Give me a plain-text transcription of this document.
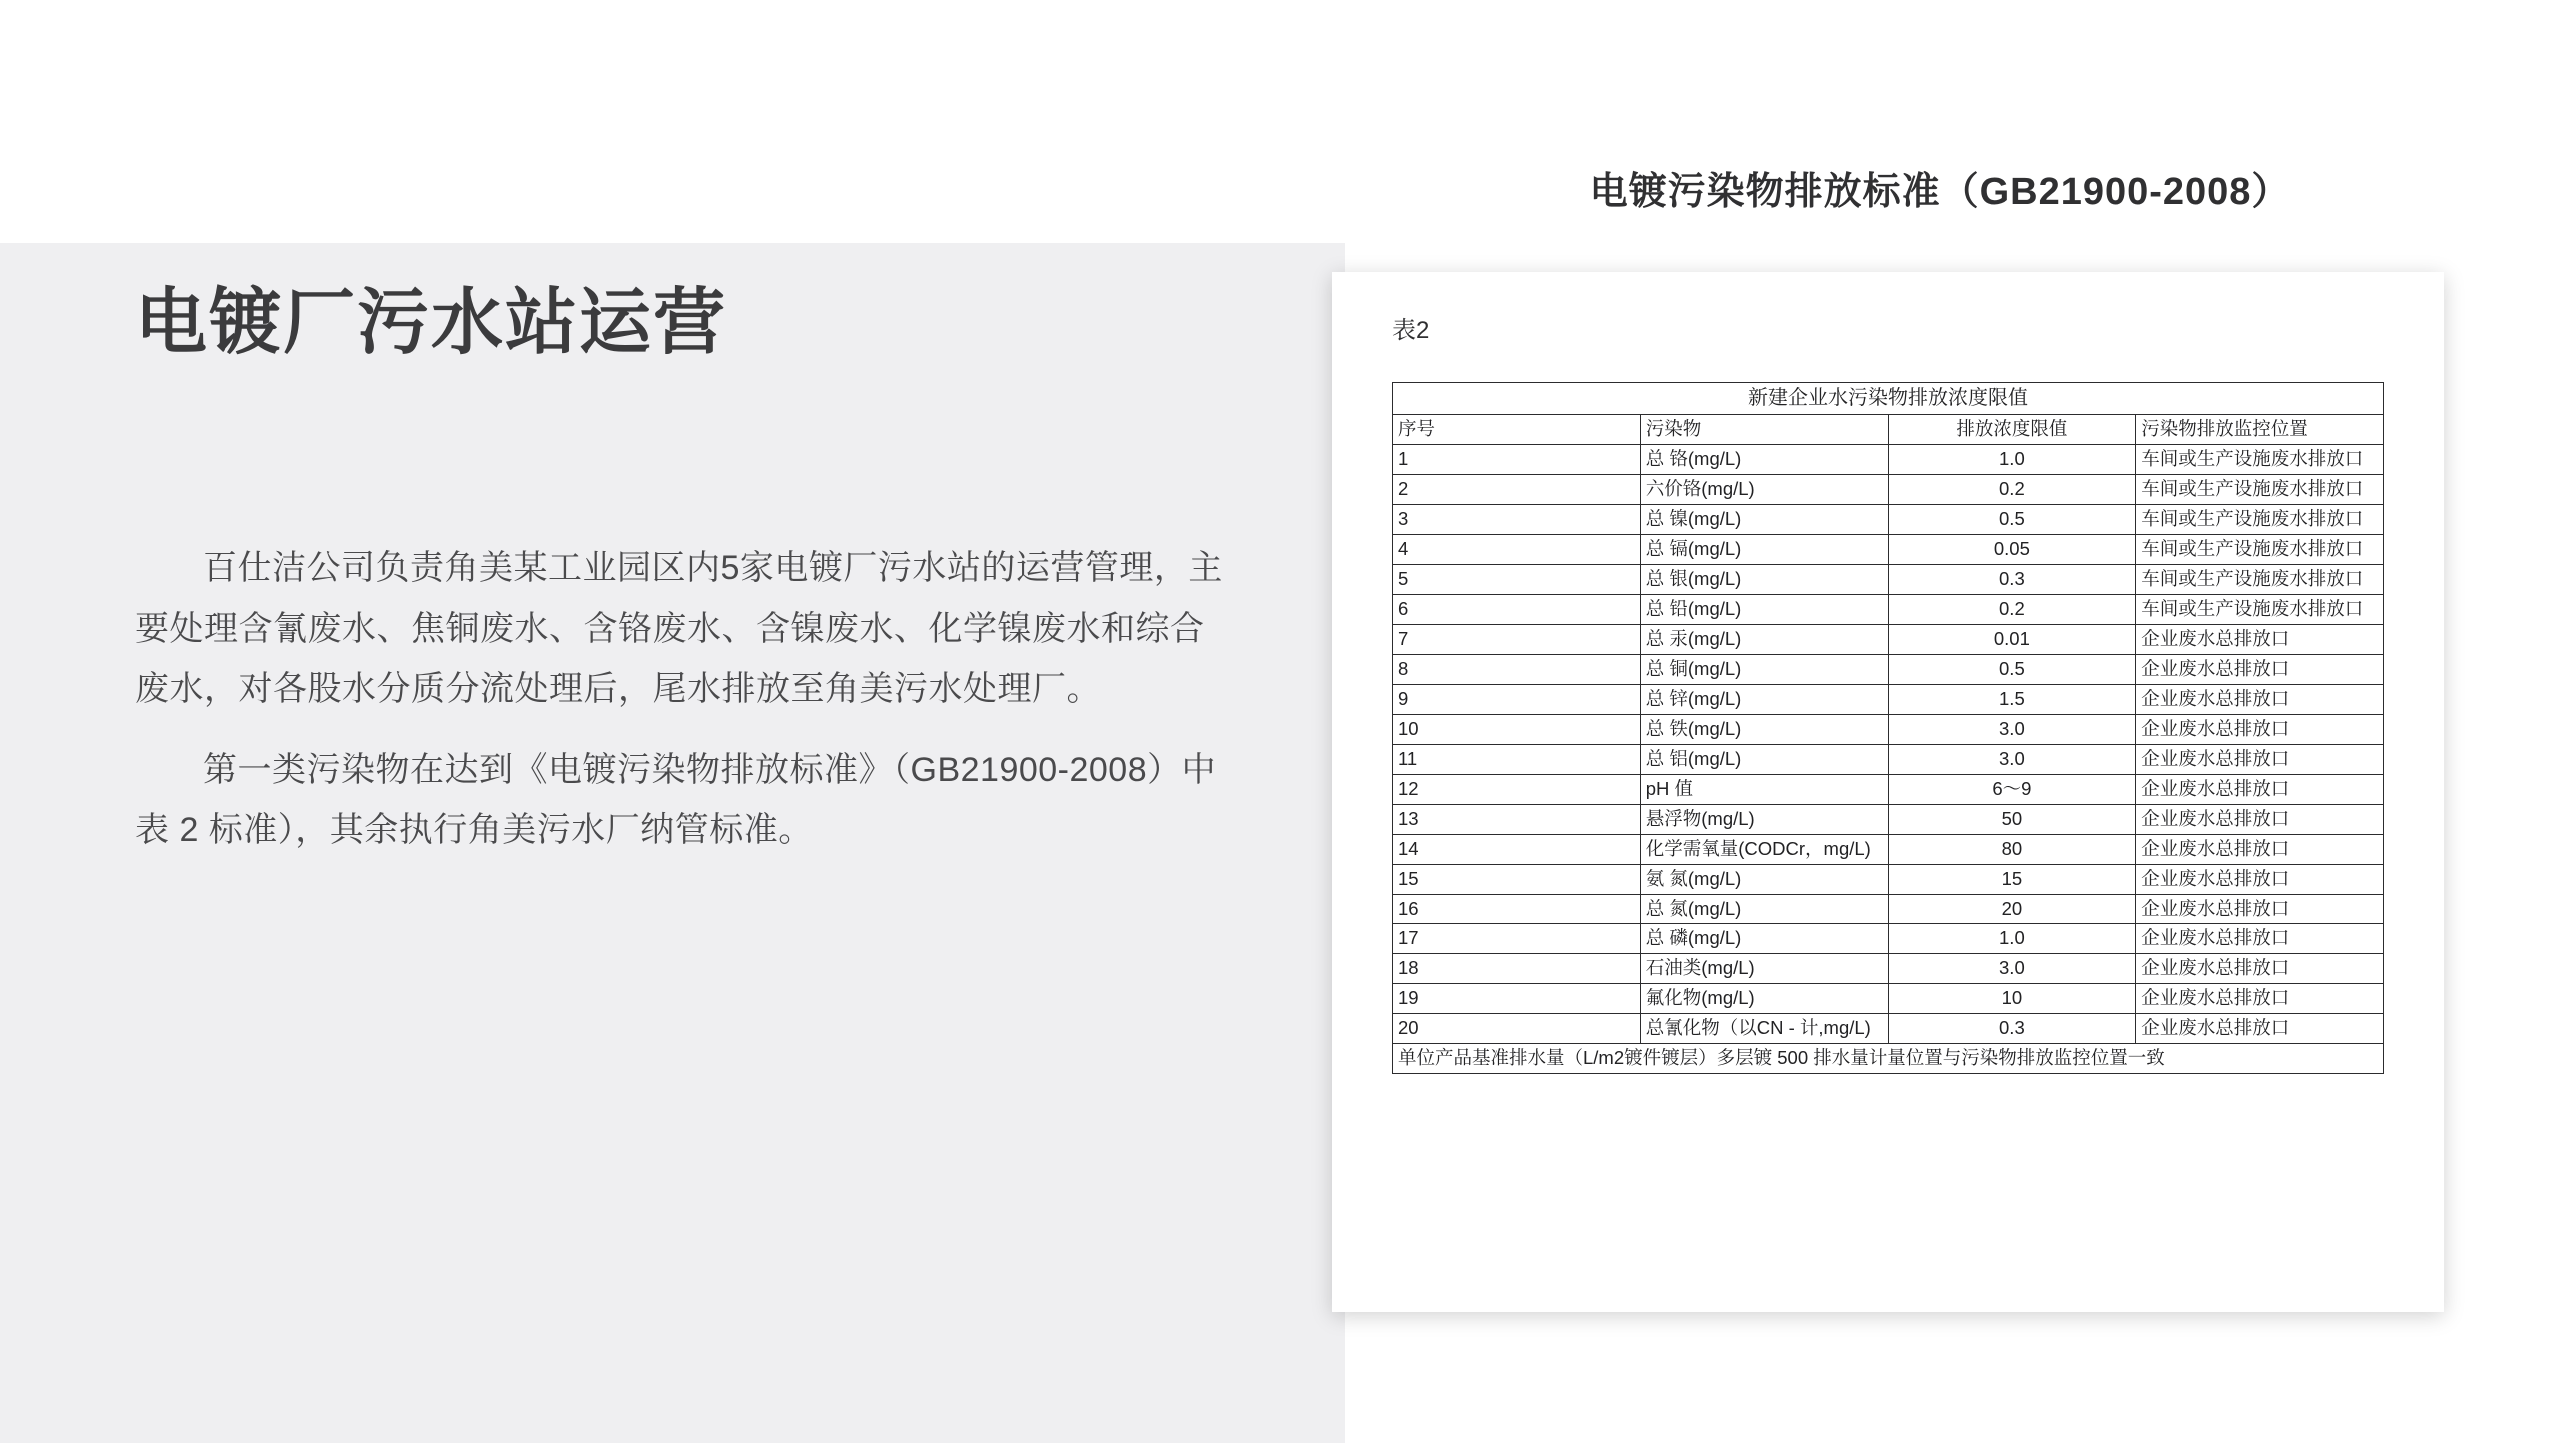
电镀厂污水站运营

百仕洁公司负责角美某工业园区内5家电镀厂污水站的运营管理，主要处理含氰废水、焦铜废水、含铬废水、含镍废水、化学镍废水和综合废水，对各股水分质分流处理后，尾水排放至角美污水处理厂。

第一类污染物在达到《电镀污染物排放标准》（GB21900-2008）中表 2 标准），其余执行角美污水厂纳管标准。

电镀污染物排放标准（GB21900-2008）
表2
新建企业水污染物排放浓度限值			
序号	污染物	排放浓度限值	污染物排放监控位置
1	总 铬(mg/L)	1.0	车间或生产设施废水排放口
2	六价铬(mg/L)	0.2	车间或生产设施废水排放口
3	总 镍(mg/L)	0.5	车间或生产设施废水排放口
4	总 镉(mg/L)	0.05	车间或生产设施废水排放口
5	总 银(mg/L)	0.3	车间或生产设施废水排放口
6	总 铅(mg/L)	0.2	车间或生产设施废水排放口
7	总 汞(mg/L)	0.01	企业废水总排放口
8	总 铜(mg/L)	0.5	企业废水总排放口
9	总 锌(mg/L)	1.5	企业废水总排放口
10	总 铁(mg/L)	3.0	企业废水总排放口
11	总 铝(mg/L)	3.0	企业废水总排放口
12	pH 值	6～9	企业废水总排放口
13	悬浮物(mg/L)	50	企业废水总排放口
14	化学需氧量(CODCr，mg/L)	80	企业废水总排放口
15	氨 氮(mg/L)	15	企业废水总排放口
16	总 氮(mg/L)	20	企业废水总排放口
17	总 磷(mg/L)	1.0	企业废水总排放口
18	石油类(mg/L)	3.0	企业废水总排放口
19	氟化物(mg/L)	10	企业废水总排放口
20	总氰化物（以CN - 计,mg/L)	0.3	企业废水总排放口
单位产品基准排水量（L/m2镀件镀层）多层镀 500 排水量计量位置与污染物排放监控位置一致			
